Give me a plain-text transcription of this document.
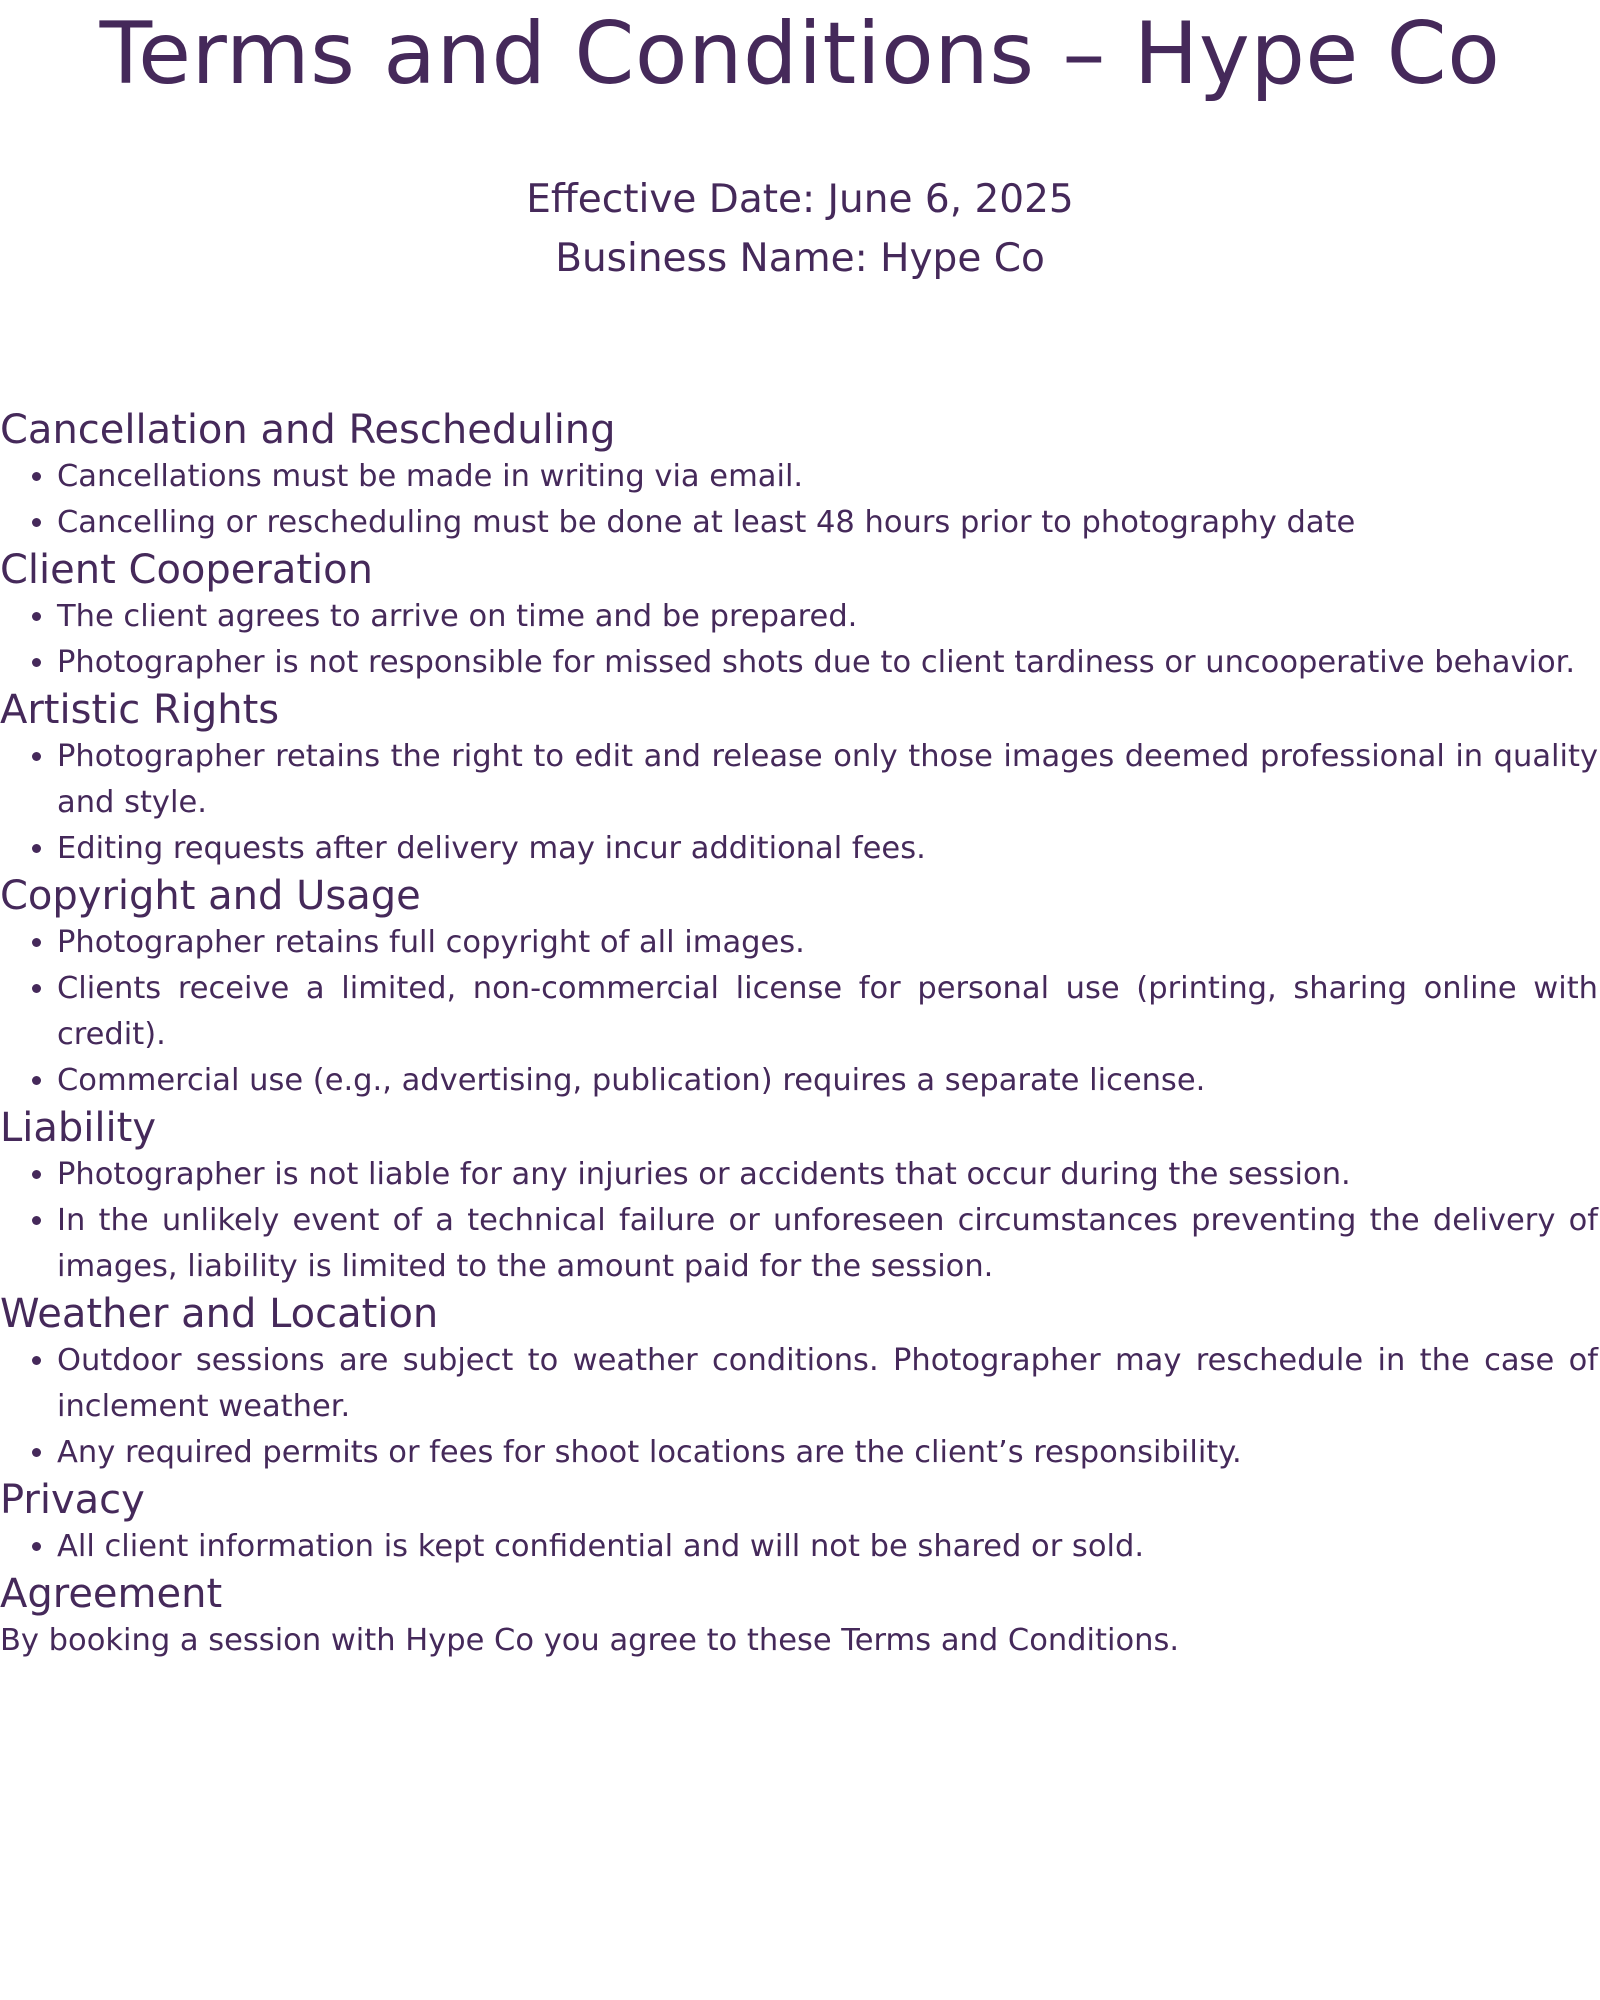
Terms and Conditions – Hype Co
Effective Date: June 6, 2025
Business Name: Hype Co
Cancellation and Rescheduling
• Cancellations must be made in writing via email.
• Cancelling or rescheduling must be done at least 48 hours prior to photography date
Client Cooperation
• The client agrees to arrive on time and be prepared.
• Photographer is not responsible for missed shots due to client tardiness or uncooperative behavior.
Artistic Rights
• Photographer retains the right to edit and release only those images deemed professional in quality and style.
• Editing requests after delivery may incur additional fees.
Copyright and Usage
• Photographer retains full copyright of all images.
• Clients receive a limited, non-commercial license for personal use (printing, sharing online with credit).
• Commercial use (e.g., advertising, publication) requires a separate license.
Liability
• Photographer is not liable for any injuries or accidents that occur during the session.
• In the unlikely event of a technical failure or unforeseen circumstances preventing the delivery of images, liability is limited to the amount paid for the session.
Weather and Location
• Outdoor sessions are subject to weather conditions. Photographer may reschedule in the case of inclement weather.
• Any required permits or fees for shoot locations are the client’s responsibility.
Privacy
• All client information is kept confidential and will not be shared or sold.
Agreement

By booking a session with Hype Co you agree to these Terms and Conditions.
